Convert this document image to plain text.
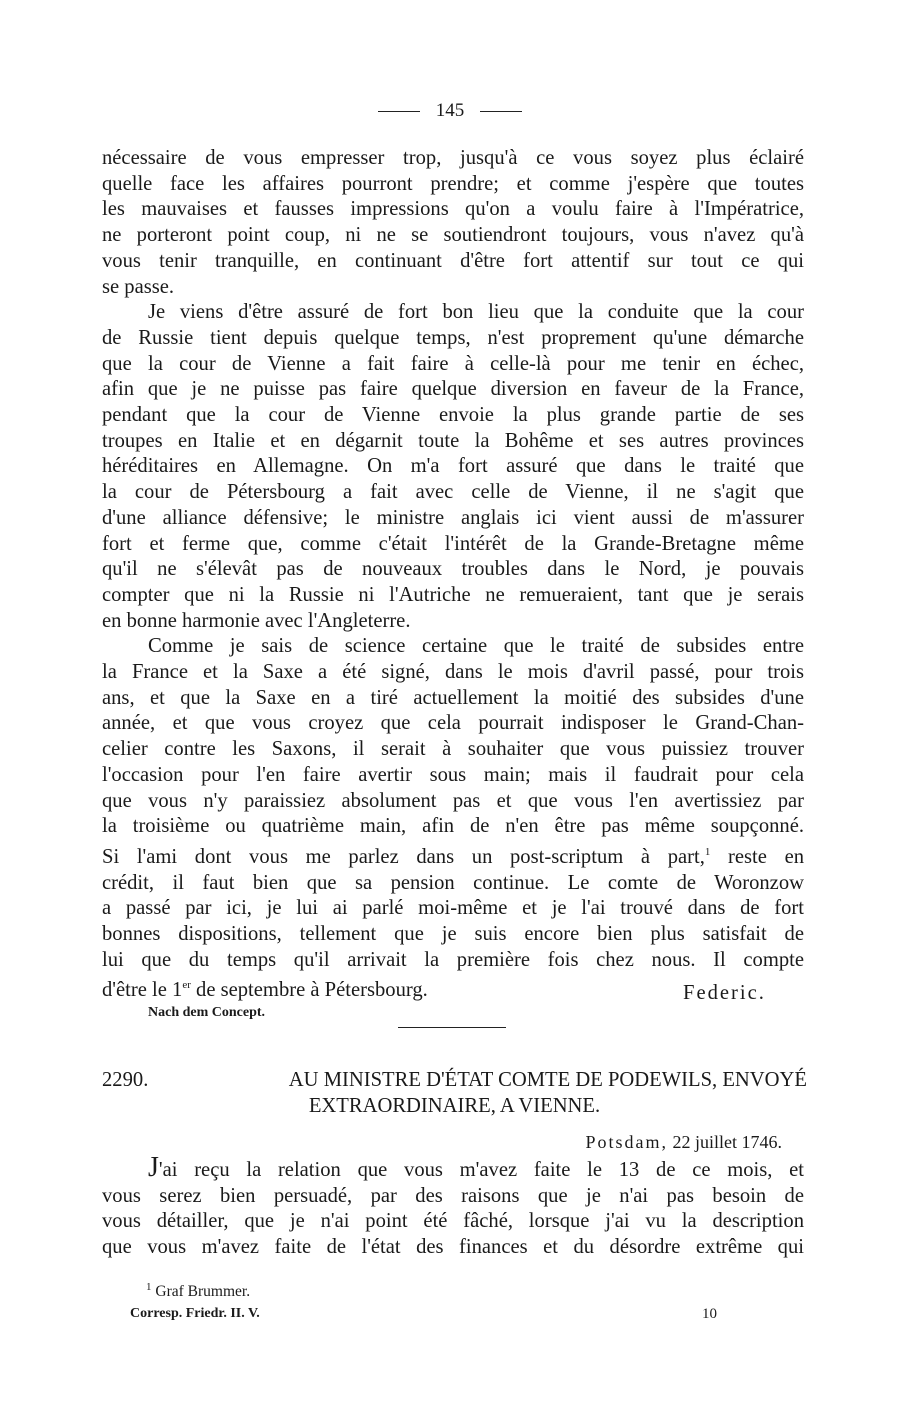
145

nécessaire de vous empresser trop, jusqu'à ce vous soyez plus éclairé

quelle face les affaires pourront prendre; et comme j'espère que toutes

les mauvaises et fausses impressions qu'on a voulu faire à l'Impératrice,

ne porteront point coup, ni ne se soutiendront toujours, vous n'avez qu'à

vous tenir tranquille, en continuant d'être fort attentif sur tout ce qui

se passe.

Je viens d'être assuré de fort bon lieu que la conduite que la cour

de Russie tient depuis quelque temps, n'est proprement qu'une démarche

que la cour de Vienne a fait faire à celle-là pour me tenir en échec,

afin que je ne puisse pas faire quelque diversion en faveur de la France,

pendant que la cour de Vienne envoie la plus grande partie de ses

troupes en Italie et en dégarnit toute la Bohême et ses autres provinces

héréditaires en Allemagne. On m'a fort assuré que dans le traité que

la cour de Pétersbourg a fait avec celle de Vienne, il ne s'agit que

d'une alliance défensive; le ministre anglais ici vient aussi de m'assurer

fort et ferme que, comme c'était l'intérêt de la Grande-Bretagne même

qu'il ne s'élevât pas de nouveaux troubles dans le Nord, je pouvais

compter que ni la Russie ni l'Autriche ne remueraient, tant que je serais

en bonne harmonie avec l'Angleterre.

Comme je sais de science certaine que le traité de subsides entre

la France et la Saxe a été signé, dans le mois d'avril passé, pour trois

ans, et que la Saxe en a tiré actuellement la moitié des subsides d'une

année, et que vous croyez que cela pourrait indisposer le Grand-Chan-

celier contre les Saxons, il serait à souhaiter que vous puissiez trouver

l'occasion pour l'en faire avertir sous main; mais il faudrait pour cela

que vous n'y paraissiez absolument pas et que vous l'en avertissiez par

la troisième ou quatrième main, afin de n'en être pas même soupçonné.

Si l'ami dont vous me parlez dans un post-scriptum à part,$^1$ reste en

crédit, il faut bien que sa pension continue. Le comte de Woronzow

a passé par ici, je lui ai parlé moi-même et je l'ai trouvé dans de fort

bonnes dispositions, tellement que je suis encore bien plus satisfait de

lui que du temps qu'il arrivait la première fois chez nous. Il compte

d'être le 1er de septembre à Pétersbourg.	Federic.
Nach dem Concept.
2290.	AU MINISTRE D'ÉTAT COMTE DE PODEWILS, ENVOYÉ
EXTRAORDINAIRE, A VIENNE.
Potsdam, 22 juillet 1746.

J'ai reçu la relation que vous m'avez faite le 13 de ce mois, et

vous serez bien persuadé, par des raisons que je n'ai pas besoin de

vous détailler, que je n'ai point été fâché, lorsque j'ai vu la description

que vous m'avez faite de l'état des finances et du désordre extrême qui

$^1$ Graf Brummer.
Corresp. Friedr. II. V.	10
